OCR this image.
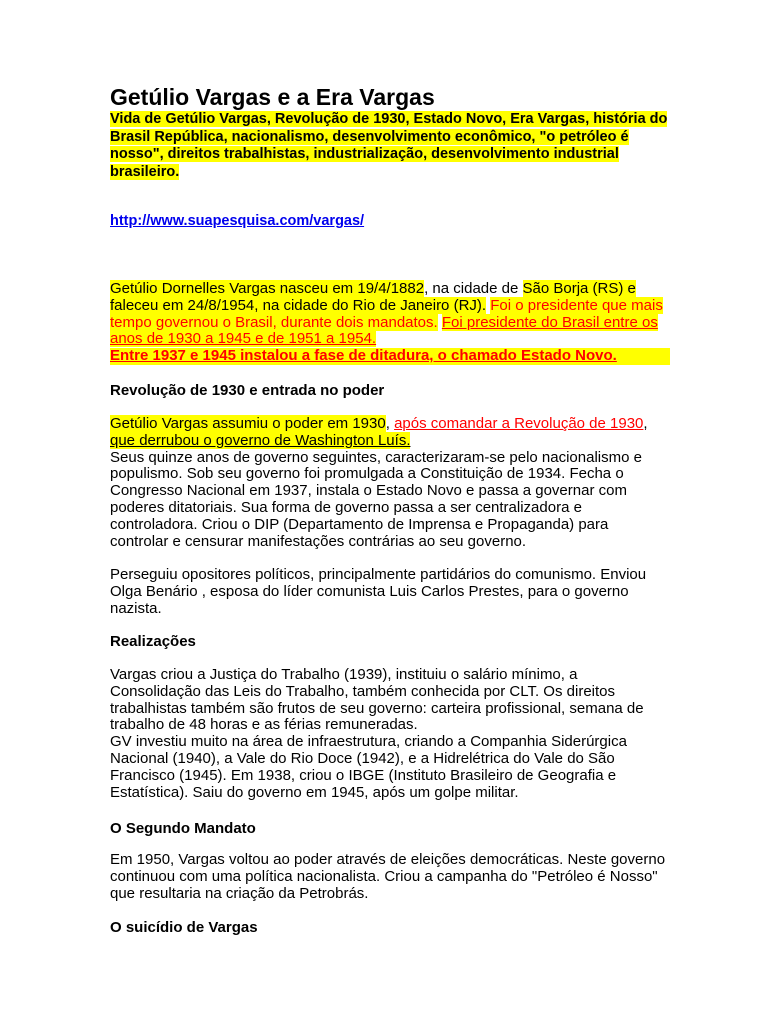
Getúlio Vargas e a Era Vargas
Vida de Getúlio Vargas, Revolução de 1930, Estado Novo, Era Vargas, história do Brasil República, nacionalismo, desenvolvimento econômico, "o petróleo é nosso", direitos trabalhistas, industrialização, desenvolvimento industrial brasileiro.
http://www.suapesquisa.com/vargas/

Getúlio Dornelles Vargas nasceu em 19/4/1882, na cidade de São Borja (RS) e faleceu em 24/8/1954, na cidade do Rio de Janeiro (RJ). Foi o presidente que mais tempo governou o Brasil, durante dois mandatos. Foi presidente do Brasil entre os anos de 1930 a 1945 e de 1951 a 1954.
Entre 1937 e 1945 instalou a fase de ditadura, o chamado Estado Novo.

Revolução de 1930 e entrada no poder

Getúlio Vargas assumiu o poder em 1930, após comandar a Revolução de 1930, que derrubou o governo de Washington Luís.
Seus quinze anos de governo seguintes, caracterizaram-se pelo nacionalismo e populismo. Sob seu governo foi promulgada a Constituição de 1934. Fecha o Congresso Nacional em 1937, instala o Estado Novo e passa a governar com poderes ditatoriais. Sua forma de governo passa a ser centralizadora e controladora. Criou o DIP (Departamento de Imprensa e Propaganda) para controlar e censurar manifestações contrárias ao seu governo.

Perseguiu opositores políticos, principalmente partidários do comunismo. Enviou Olga Benário , esposa do líder comunista Luis Carlos Prestes, para o governo nazista.

Realizações

Vargas criou a Justiça do Trabalho (1939), instituiu o salário mínimo, a Consolidação das Leis do Trabalho, também conhecida por CLT. Os direitos trabalhistas também são frutos de seu governo: carteira profissional, semana de trabalho de 48 horas e as férias remuneradas.

GV investiu muito na área de infraestrutura, criando a Companhia Siderúrgica Nacional (1940), a Vale do Rio Doce (1942), e a Hidrelétrica do Vale do São Francisco (1945). Em 1938, criou o IBGE (Instituto Brasileiro de Geografia e Estatística). Saiu do governo em 1945, após um golpe militar.

O Segundo Mandato

Em 1950, Vargas voltou ao poder através de eleições democráticas. Neste governo continuou com uma política nacionalista. Criou a campanha do "Petróleo é Nosso" que resultaria na criação da Petrobrás.

O suicídio de Vargas
